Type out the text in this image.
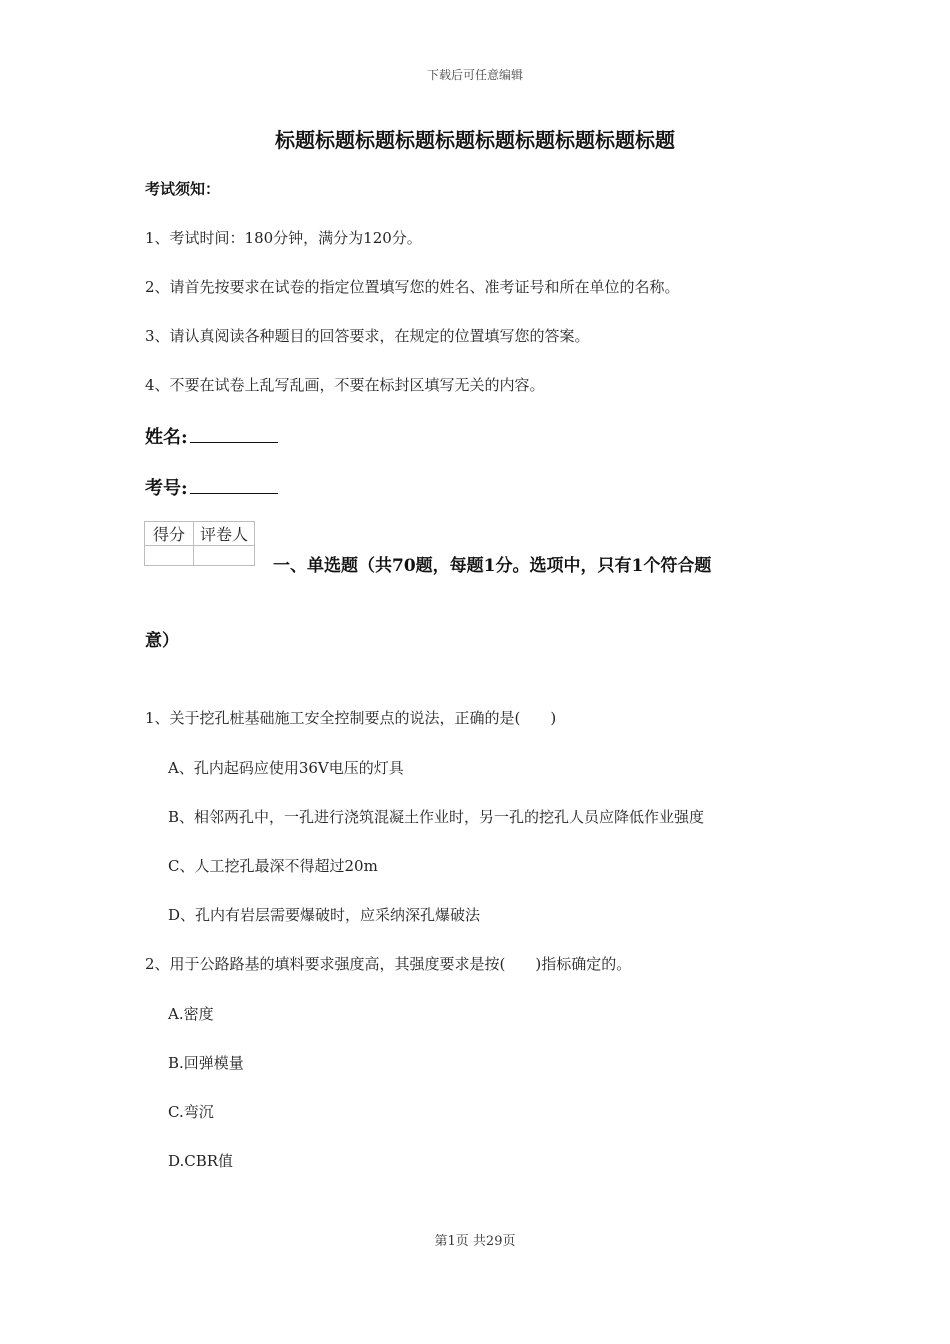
下载后可任意编辑
标题标题标题标题标题标题标题标题标题标题
考试须知：
1、考试时间：180分钟，满分为120分。
2、请首先按要求在试卷的指定位置填写您的姓名、准考证号和所在单位的名称。
3、请认真阅读各种题目的回答要求，在规定的位置填写您的答案。
4、不要在试卷上乱写乱画，不要在标封区填写无关的内容。
姓名:
考号:
得分	评卷人

一、单选题（共70题，每题1分。选项中，只有1个符合题
意）
1、关于挖孔桩基础施工安全控制要点的说法，正确的是(　　)
A、孔内起码应使用36V电压的灯具
B、相邻两孔中，一孔进行浇筑混凝土作业时，另一孔的挖孔人员应降低作业强度
C、人工挖孔最深不得超过20m
D、孔内有岩层需要爆破时，应采纳深孔爆破法
2、用于公路路基的填料要求强度高，其强度要求是按(　　)指标确定的。
A.密度
B.回弹模量
C.弯沉
D.CBR值
第1页 共29页
